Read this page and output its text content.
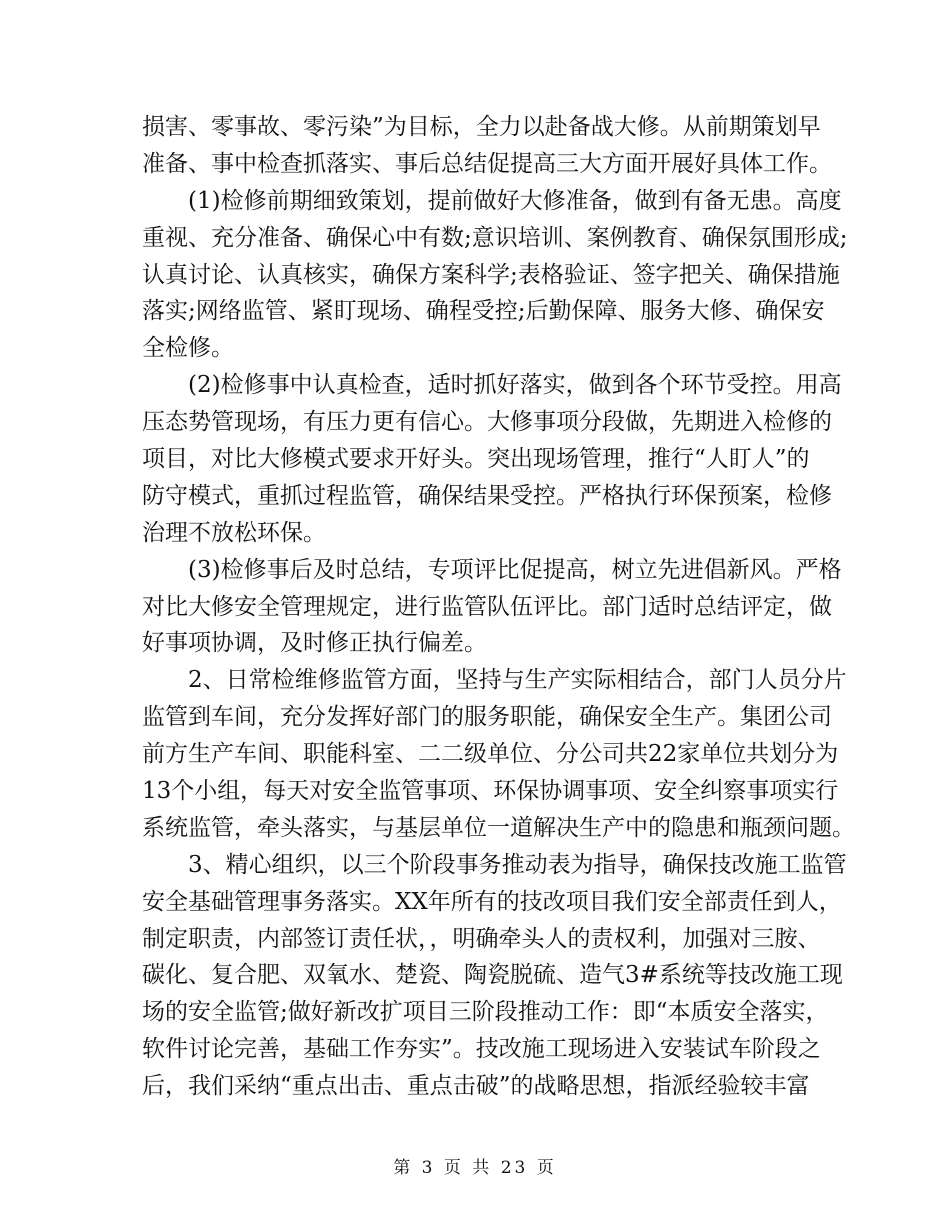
损害、零事故、零污染”为目标，全力以赴备战大修。从前期策划早
准备、事中检查抓落实、事后总结促提高三大方面开展好具体工作。
(1)检修前期细致策划，提前做好大修准备，做到有备无患。高度
重视、充分准备、确保心中有数;意识培训、案例教育、确保氛围形成;
认真讨论、认真核实，确保方案科学;表格验证、签字把关、确保措施
落实;网络监管、紧盯现场、确程受控;后勤保障、服务大修、确保安
全检修。
(2)检修事中认真检查，适时抓好落实，做到各个环节受控。用高
压态势管现场，有压力更有信心。大修事项分段做，先期进入检修的
项目，对比大修模式要求开好头。突出现场管理，推行“人盯人”的
防守模式，重抓过程监管，确保结果受控。严格执行环保预案，检修
治理不放松环保。
(3)检修事后及时总结，专项评比促提高，树立先进倡新风。严格
对比大修安全管理规定，进行监管队伍评比。部门适时总结评定，做
好事项协调，及时修正执行偏差。
2、日常检维修监管方面，坚持与生产实际相结合，部门人员分片
监管到车间，充分发挥好部门的服务职能，确保安全生产。集团公司
前方生产车间、职能科室、二二级单位、分公司共22家单位共划分为
13个小组，每天对安全监管事项、环保协调事项、安全纠察事项实行
系统监管，牵头落实，与基层单位一道解决生产中的隐患和瓶颈问题。
3、精心组织，以三个阶段事务推动表为指导，确保技改施工监管
安全基础管理事务落实。XX年所有的技改项目我们安全部责任到人，
制定职责，内部签订责任状，，明确牵头人的责权利，加强对三胺、
碳化、复合肥、双氧水、楚瓷、陶瓷脱硫、造气3#系统等技改施工现
场的安全监管;做好新改扩项目三阶段推动工作：即“本质安全落实，
软件讨论完善，基础工作夯实”。技改施工现场进入安装试车阶段之
后，我们采纳“重点出击、重点击破”的战略思想，指派经验较丰富
第 3 页 共 23 页
